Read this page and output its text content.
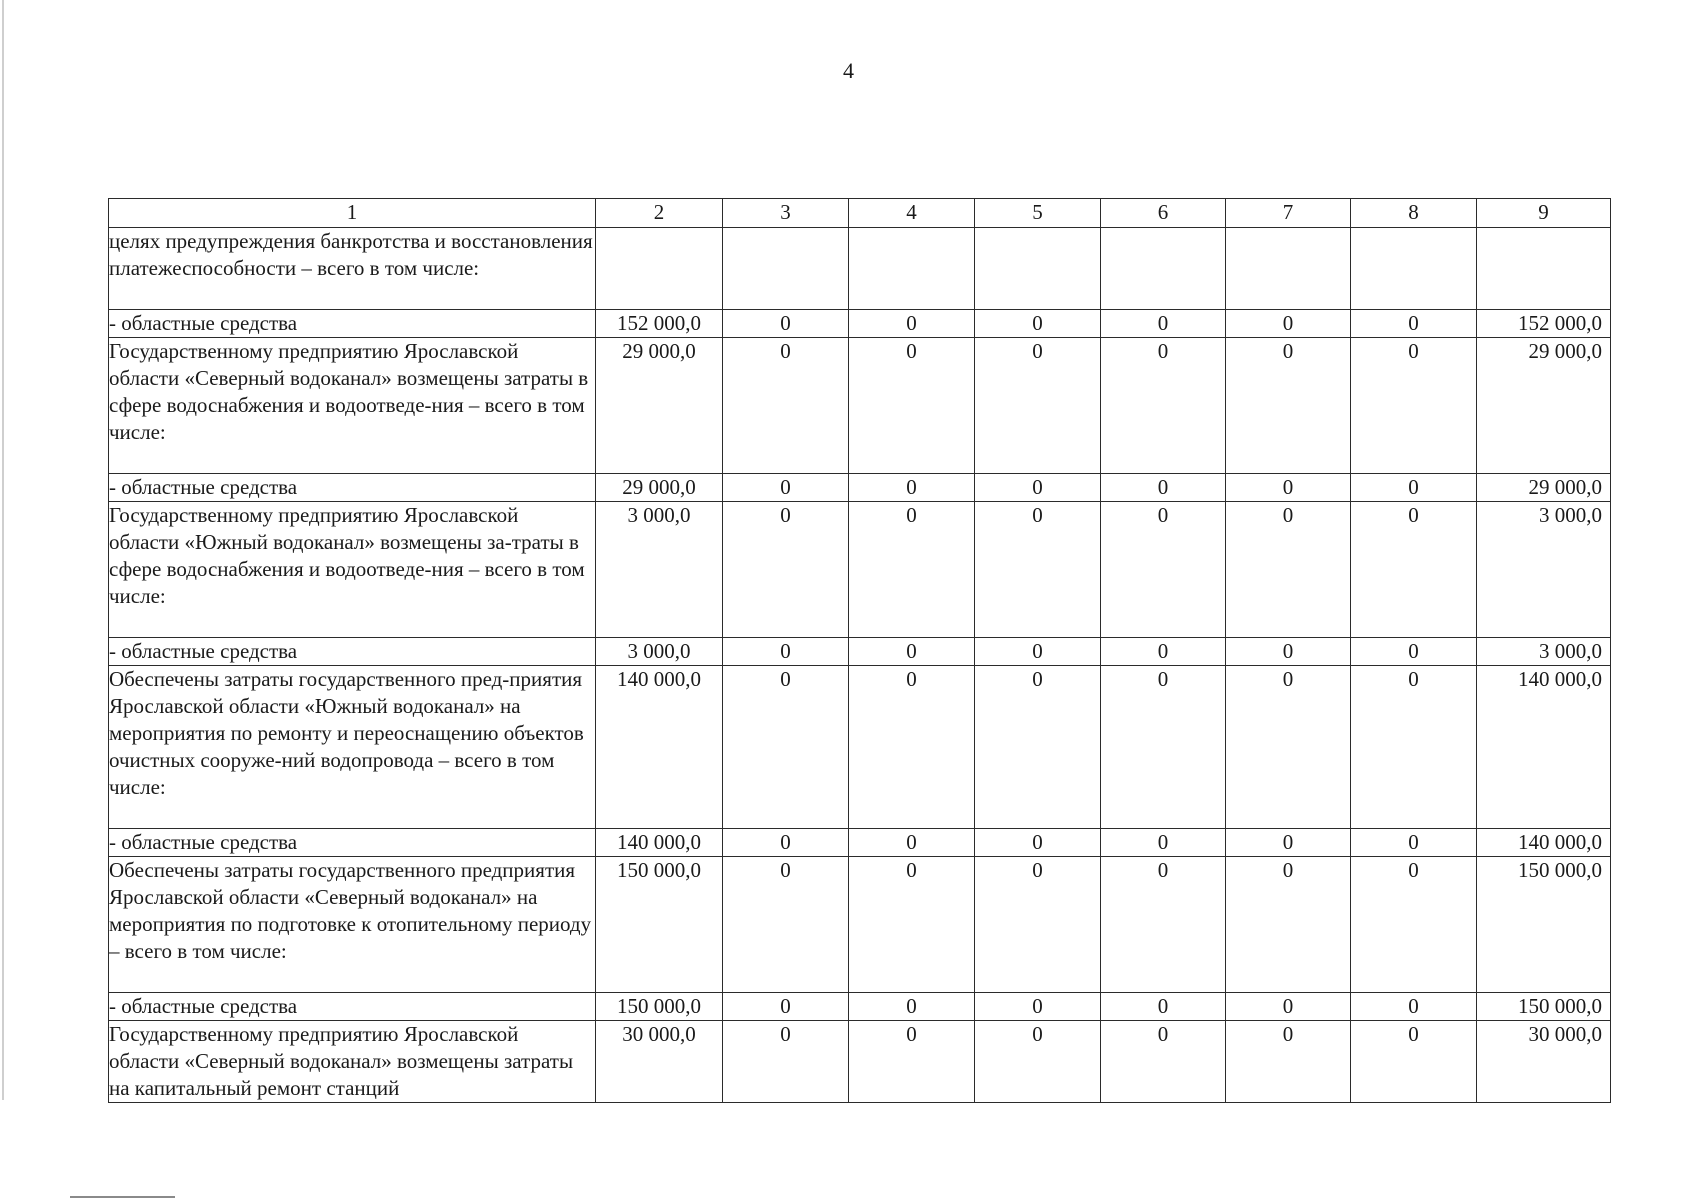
4
1	2	3	4	5	6	7	8	9
целях предупреждения банкротства и восстановления платежеспособности – всего в том числе:								
- областные средства	152 000,0	0	0	0	0	0	0	152 000,0
Государственному предприятию Ярославской области «Северный водоканал» возмещены затраты в сфере водоснабжения и водоотведе-ния – всего в том числе:	29 000,0	0	0	0	0	0	0	29 000,0
- областные средства	29 000,0	0	0	0	0	0	0	29 000,0
Государственному предприятию Ярославской области «Южный водоканал» возмещены за-траты в сфере водоснабжения и водоотведе-ния – всего в том числе:	3 000,0	0	0	0	0	0	0	3 000,0
- областные средства	3 000,0	0	0	0	0	0	0	3 000,0
Обеспечены затраты государственного пред-приятия Ярославской области «Южный водоканал» на мероприятия по ремонту и переоснащению объектов очистных сооруже-ний водопровода – всего в том числе:	140 000,0	0	0	0	0	0	0	140 000,0
- областные средства	140 000,0	0	0	0	0	0	0	140 000,0
Обеспечены затраты государственного предприятия Ярославской области «Северный водоканал» на мероприятия по подготовке к отопительному периоду – всего в том числе:	150 000,0	0	0	0	0	0	0	150 000,0
- областные средства	150 000,0	0	0	0	0	0	0	150 000,0
Государственному предприятию Ярославской области «Северный водоканал» возмещены затраты на капитальный ремонт станций	30 000,0	0	0	0	0	0	0	30 000,0
